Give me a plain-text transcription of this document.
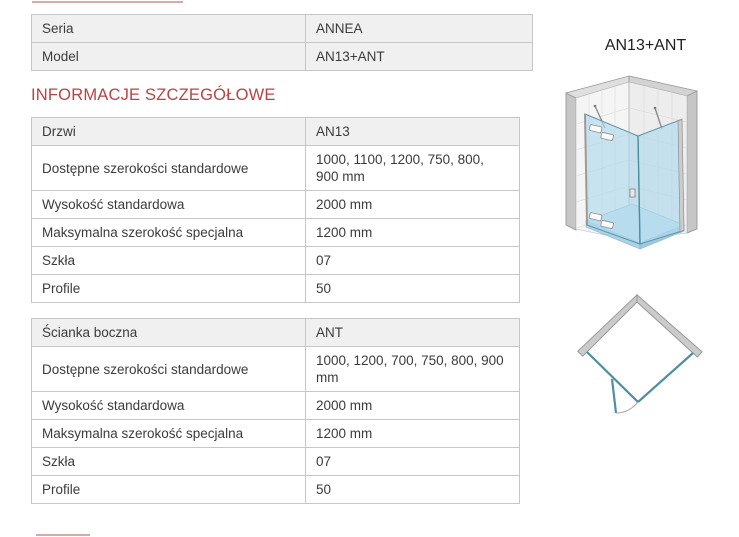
Seria	ANNEA
Model	AN13+ANT
INFORMACJE SZCZEGÓŁOWE
Drzwi	AN13
Dostępne szerokości standardowe	1000, 1100, 1200, 750, 800, 900 mm
Wysokość standardowa	2000 mm
Maksymalna szerokość specjalna	1200 mm
Szkła	07
Profile	50
Ścianka boczna	ANT
Dostępne szerokości standardowe	1000, 1200, 700, 750, 800, 900 mm
Wysokość standardowa	2000 mm
Maksymalna szerokość specjalna	1200 mm
Szkła	07
Profile	50
AN13+ANT
